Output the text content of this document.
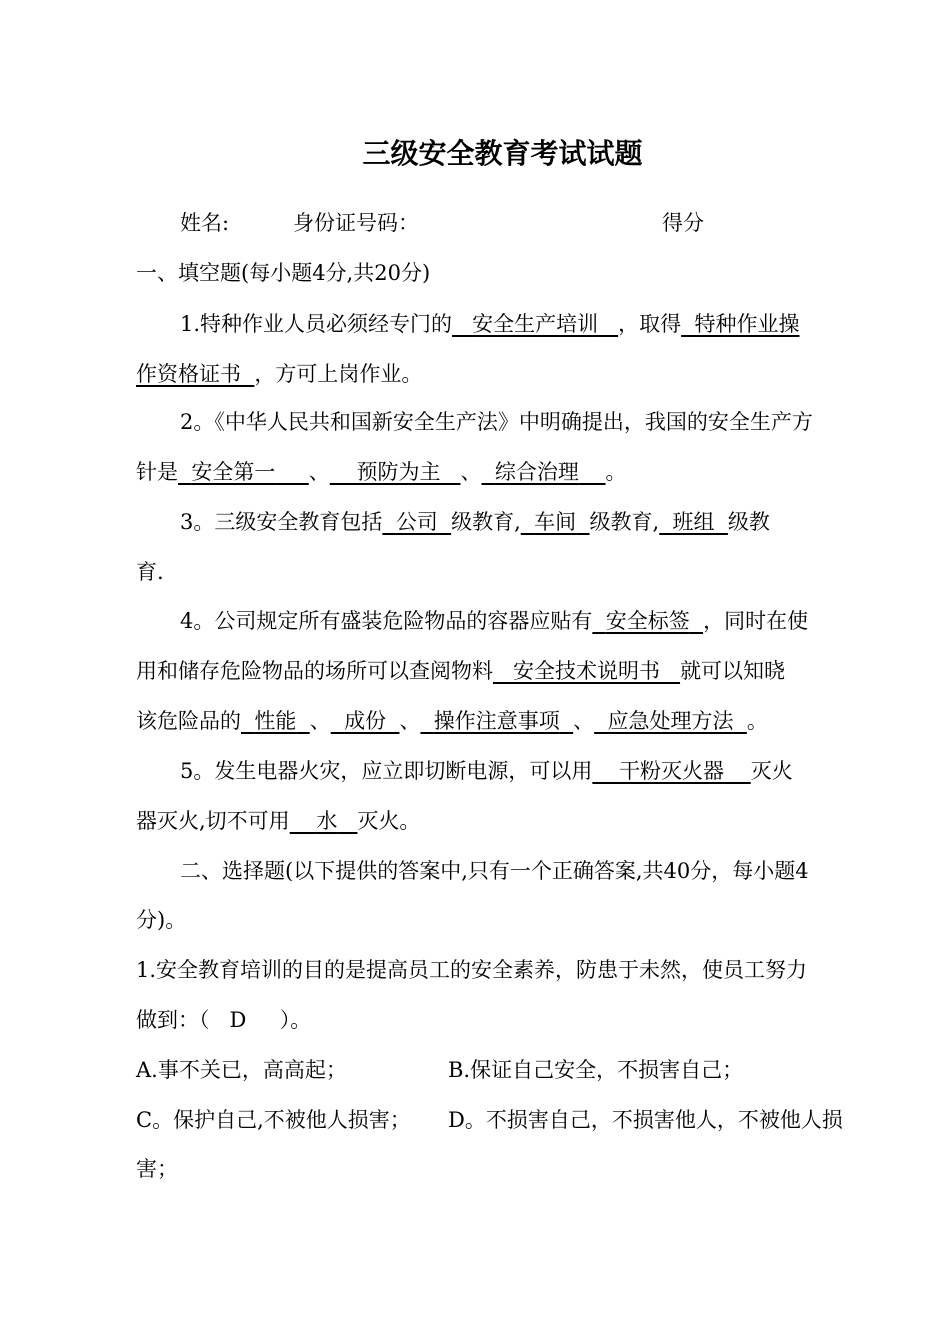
三级安全教育考试试题
姓名:	身份证号码：	得分
一、填空题(每小题4分,共20分)
1.特种作业人员必须经专门的 安全生产培训 ，取得 特种作业操
作资格证书 ，方可上岗作业。
2。《中华人民共和国新安全生产法》中明确提出，我国的安全生产方
针是 安全第一 、 预防为主 、 综合治理 。
3。三级安全教育包括 公司 级教育, 车间 级教育, 班组 级教
育.
4。公司规定所有盛装危险物品的容器应贴有 安全标签 ，同时在使
用和储存危险物品的场所可以查阅物料 安全技术说明书 就可以知晓
该危险品的 性能 、 成份 、 操作注意事项 、 应急处理方法 。
5。发生电器火灾，应立即切断电源，可以用 干粉灭火器 灭火
器灭火,切不可用 水 灭火。
二、选择题(以下提供的答案中,只有一个正确答案,共40分，每小题4
分)。
1.安全教育培训的目的是提高员工的安全素养，防患于未然，使员工努力
做到：（ D ）。
A.事不关已，高高起；	B.保证自己安全，不损害自己；
C。保护自己,不被他人损害； D。不损害自己，不损害他人，不被他人损
害；
